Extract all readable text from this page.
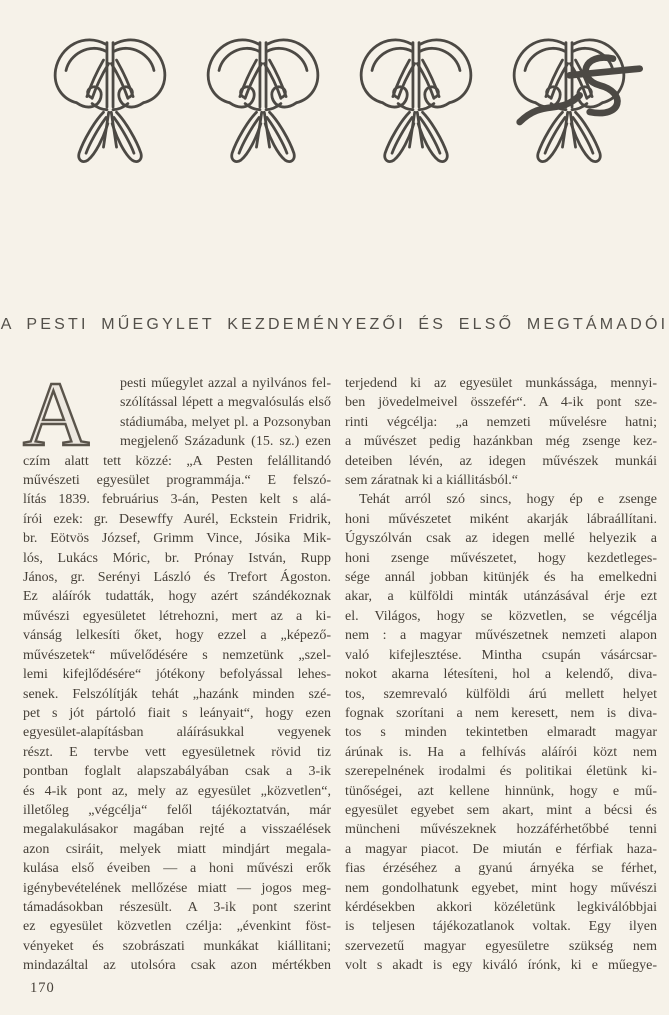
A PESTI MŰEGYLET KEZDEMÉNYEZŐI ÉS ELSŐ MEGTÁMADÓI
A	pesti műegylet azzal a nyilvános fel-
szólítással lépett a megvalósulás első
stádiumába, melyet pl. a Pozsonyban
megjelenő Századunk (15. sz.) ezen
czím alatt tett közzé: „A Pesten felállitandó
művészeti egyesület programmája.“ E felszó-
lítás 1839. februárius 3-án, Pesten kelt s alá-
írói ezek: gr. Desewffy Aurél, Eckstein Fridrik,
br. Eötvös József, Grimm Vince, Jósika Mik-
lós, Lukács Móric, br. Prónay István, Rupp
János, gr. Serényi László és Trefort Ágoston.
Ez aláírók tudatták, hogy azért szándékoznak
művészi egyesületet létrehozni, mert az a ki-
vánság lelkesíti őket, hogy ezzel a „képező-
művészetek“ művelődésére s nemzetünk „szel-
lemi kifejlődésére“ jótékony befolyással lehes-
senek. Felszólítják tehát „hazánk minden szé-
pet s jót pártoló fiait s leányait“, hogy ezen
egyesület-alapításban aláírásukkal vegyenek
részt. E tervbe vett egyesületnek rövid tiz
pontban foglalt alapszabályában csak a 3-ik
és 4-ik pont az, mely az egyesület „közvetlen“,
illetőleg „végcélja“ felől tájékoztatván, már
megalakulásakor magában rejté a visszaélések
azon csiráit, melyek miatt mindjárt megala-
kulása első éveiben — a honi művészi erők
igénybevételének mellőzése miatt — jogos meg-
támadásokban részesült. A 3-ik pont szerint
ez egyesület közvetlen czélja: „évenkint föst-
vényeket és szobrászati munkákat kiállitani;
mindazáltal az utolsóra csak azon mértékben
terjedend ki az egyesület munkássága, mennyi-
ben jövedelmeivel összefér“. A 4-ik pont sze-
rinti végcélja: „a nemzeti művelésre hatni;
a művészet pedig hazánkban még zsenge kez-
deteiben lévén, az idegen művészek munkái
sem záratnak ki a kiállitásból.“
Tehát arról szó sincs, hogy ép e zsenge
honi művészetet miként akarják lábraállítani.
Úgyszólván csak az idegen mellé helyezik a
honi zsenge művészetet, hogy kezdetleges-
sége annál jobban kitünjék és ha emelkedni
akar, a külföldi minták utánzásával érje ezt
el. Világos, hogy se közvetlen, se végcélja
nem : a magyar művészetnek nemzeti alapon
való kifejlesztése. Mintha csupán vásárcsar-
nokot akarna létesíteni, hol a kelendő, diva-
tos, szemrevaló külföldi árú mellett helyet
fognak szorítani a nem keresett, nem is diva-
tos s minden tekintetben elmaradt magyar
árúnak is. Ha a felhívás aláírói közt nem
szerepelnének irodalmi és politikai életünk ki-
tünőségei, azt kellene hinnünk, hogy e mű-
egyesület egyebet sem akart, mint a bécsi és
müncheni művészeknek hozzáférhetőbbé tenni
a magyar piacot. De miután e férfiak haza-
fias érzéséhez a gyanú árnyéka se férhet,
nem gondolhatunk egyebet, mint hogy művészi
kérdésekben akkori közéletünk legkiválóbbjai
is teljesen tájékozatlanok voltak. Egy ilyen
szervezetű magyar egyesületre szükség nem
volt s akadt is egy kiváló írónk, ki e műegye-
170
